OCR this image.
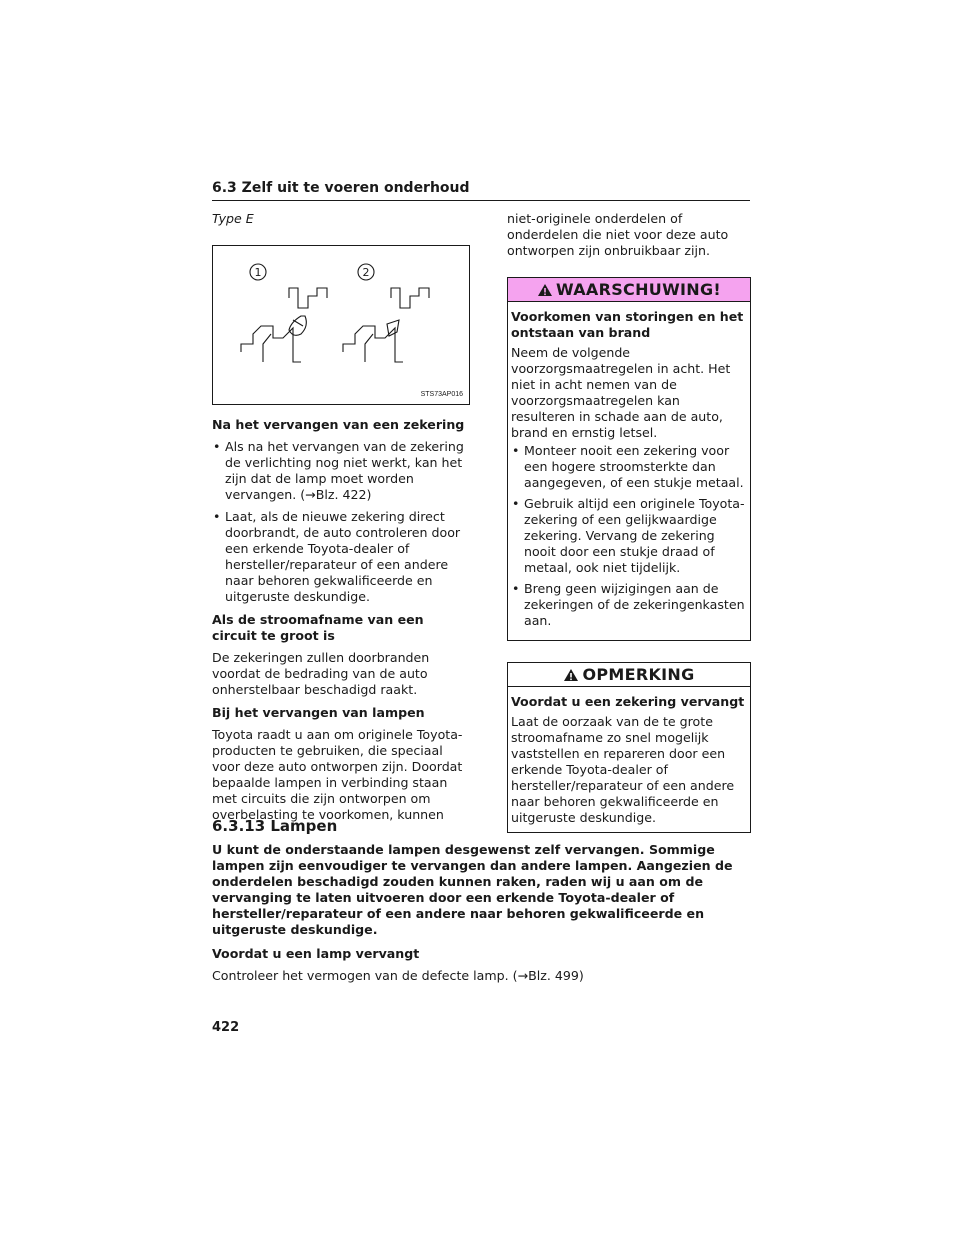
6.3 Zelf uit te voeren onderhoud
Type E
1	2
STS73AP016
Na het vervangen van een zekering
• Als na het vervangen van de zekering de verlichting nog niet werkt, kan het zijn dat de lamp moet worden vervangen. (→Blz. 422)
• Laat, als de nieuwe zekering direct doorbrandt, de auto controleren door een erkende Toyota-dealer of hersteller/reparateur of een andere naar behoren gekwalificeerde en uitgeruste deskundige.
Als de stroomafname van een circuit te groot is

De zekeringen zullen doorbranden voordat de bedrading van de auto onherstelbaar beschadigd raakt.

Bij het vervangen van lampen

Toyota raadt u aan om originele Toyota-producten te gebruiken, die speciaal voor deze auto ontworpen zijn. Doordat bepaalde lampen in verbinding staan met circuits die zijn ontworpen om overbelasting te voorkomen, kunnen

niet-originele onderdelen of onderdelen die niet voor deze auto ontworpen zijn onbruikbaar zijn.

WAARSCHUWING!
Voorkomen van storingen en het ontstaan van brand

Neem de volgende voorzorgsmaatregelen in acht. Het niet in acht nemen van de voorzorgsmaatregelen kan resulteren in schade aan de auto, brand en ernstig letsel.

• Monteer nooit een zekering voor een hogere stroomsterkte dan aangegeven, of een stukje metaal.
• Gebruik altijd een originele Toyota-zekering of een gelijkwaardige zekering. Vervang de zekering nooit door een stukje draad of metaal, ook niet tijdelijk.
• Breng geen wijzigingen aan de zekeringen of de zekeringenkasten aan.
OPMERKING
Voordat u een zekering vervangt

Laat de oorzaak van de te grote stroomafname zo snel mogelijk vaststellen en repareren door een erkende Toyota-dealer of hersteller/reparateur of een andere naar behoren gekwalificeerde en uitgeruste deskundige.

6.3.13 Lampen

U kunt de onderstaande lampen desgewenst zelf vervangen. Sommige lampen zijn eenvoudiger te vervangen dan andere lampen. Aangezien de onderdelen beschadigd zouden kunnen raken, raden wij u aan om de vervanging te laten uitvoeren door een erkende Toyota-dealer of hersteller/reparateur of een andere naar behoren gekwalificeerde en uitgeruste deskundige.

Voordat u een lamp vervangt

Controleer het vermogen van de defecte lamp. (→Blz. 499)

422
